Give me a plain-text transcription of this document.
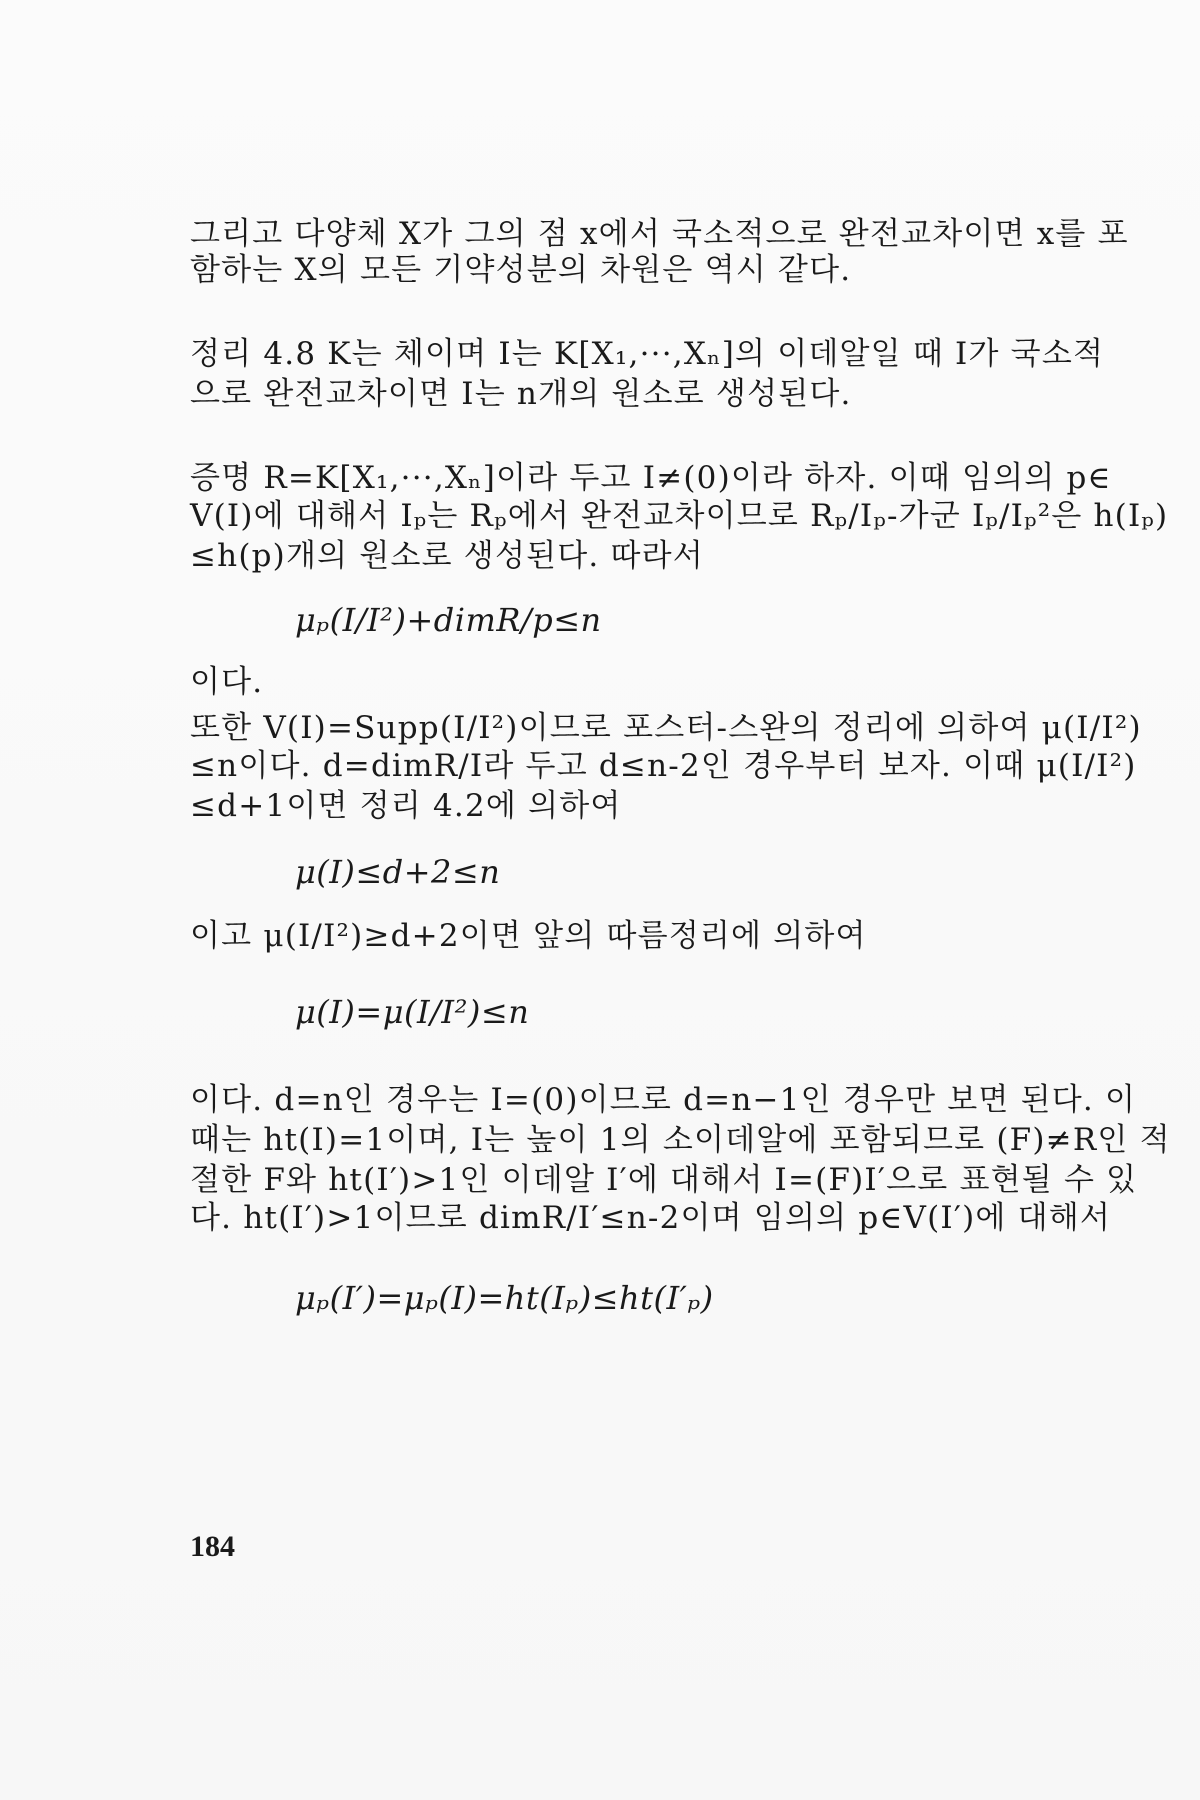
그리고 다양체 X가 그의 점 x에서 국소적으로 완전교차이면 x를 포
함하는 X의 모든 기약성분의 차원은 역시 같다.
정리 4.8 K는 체이며 I는 K[X₁,···,Xₙ]의 이데알일 때 I가 국소적
으로 완전교차이면 I는 n개의 원소로 생성된다.
증명 R=K[X₁,···,Xₙ]이라 두고 I≠(0)이라 하자. 이때 임의의 p∈
V(I)에 대해서 Iₚ는 Rₚ에서 완전교차이므로 Rₚ/Iₚ-가군 Iₚ/Iₚ²은 h(Iₚ)
≤h(p)개의 원소로 생성된다. 따라서
μₚ(I/I²)+dimR/p≤n
이다.
또한 V(I)=Supp(I/I²)이므로 포스터-스완의 정리에 의하여 μ(I/I²)
≤n이다. d=dimR/I라 두고 d≤n-2인 경우부터 보자. 이때 μ(I/I²)
≤d+1이면 정리 4.2에 의하여
μ(I)≤d+2≤n
이고 μ(I/I²)≥d+2이면 앞의 따름정리에 의하여
μ(I)=μ(I/I²)≤n
이다. d=n인 경우는 I=(0)이므로 d=n−1인 경우만 보면 된다. 이
때는 ht(I)=1이며, I는 높이 1의 소이데알에 포함되므로 (F)≠R인 적
절한 F와 ht(I′)>1인 이데알 I′에 대해서 I=(F)I′으로 표현될 수 있
다. ht(I′)>1이므로 dimR/I′≤n-2이며 임의의 p∈V(I′)에 대해서
μₚ(I′)=μₚ(I)=ht(Iₚ)≤ht(I′ₚ)
184
